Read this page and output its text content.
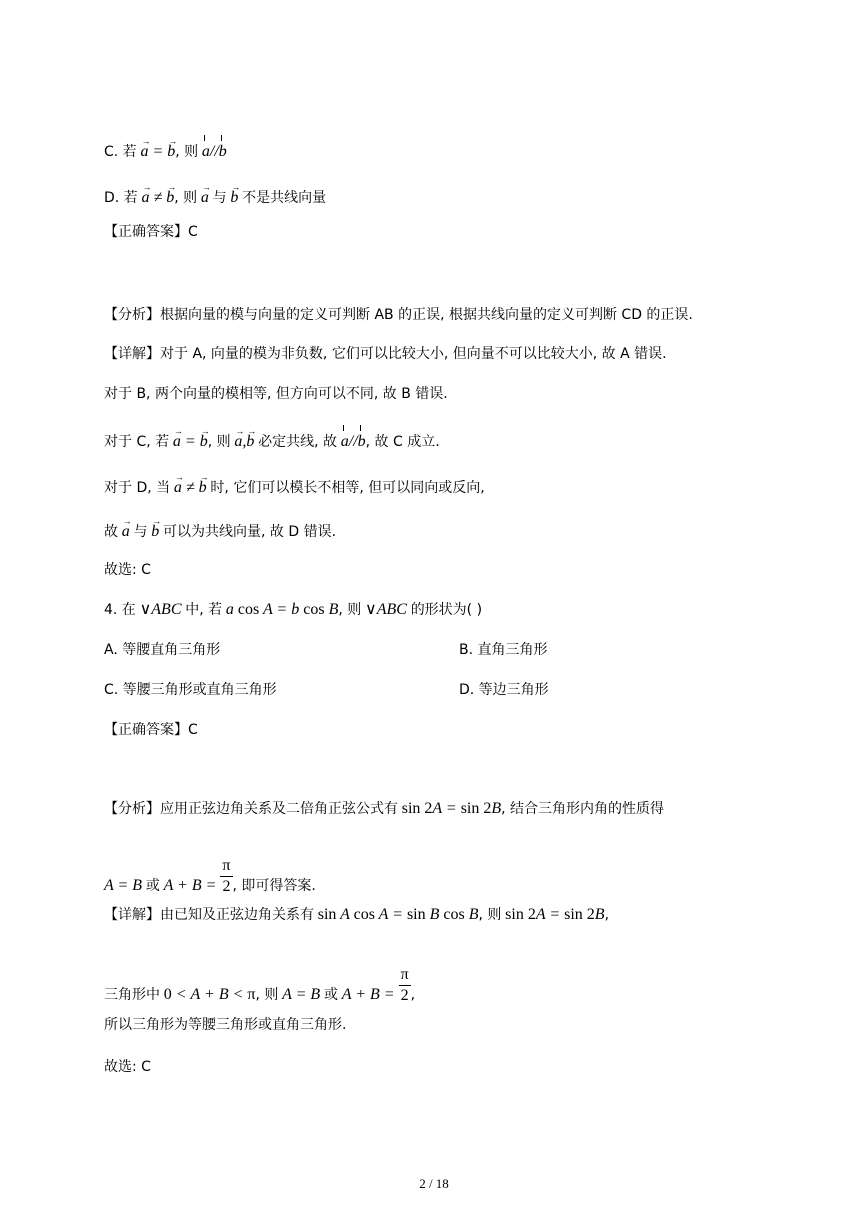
C. 若 → a = → b, 则 a//b
D. 若 → a ≠ → b, 则 → a 与 → b 不是共线向量
【正确答案】C
【分析】根据向量的模与向量的定义可判断 AB 的正误, 根据共线向量的定义可判断 CD 的正误.
【详解】对于 A, 向量的模为非负数, 它们可以比较大小, 但向量不可以比较大小, 故 A 错误.
对于 B, 两个向量的模相等, 但方向可以不同, 故 B 错误.
对于 C, 若 → a = → b, 则 → a,→ b 必定共线, 故 a//b, 故 C 成立.
对于 D, 当 → a ≠ → b 时, 它们可以模长不相等, 但可以同向或反向,
故 → a 与 → b 可以为共线向量, 故 D 错误.
故选: C
4. 在 ∨ABC 中, 若 a cos A = b cos B, 则 ∨ABC 的形状为( )
A. 等腰直角三角形	B. 直角三角形
C. 等腰三角形或直角三角形	D. 等边三角形
【正确答案】C
【分析】应用正弦边角关系及二倍角正弦公式有 sin 2A = sin 2B, 结合三角形内角的性质得
A = B 或 $A + B = \frac{\pi}{2}$ , 即可得答案.
【详解】由已知及正弦边角关系有 sin A cos A = sin B cos B, 则 sin 2A = sin 2B,
三角形中 0 < A + B < π, 则 A = B 或 $A + B = \frac{\pi}{2}$ ,
所以三角形为等腰三角形或直角三角形.
故选: C
2 / 18
